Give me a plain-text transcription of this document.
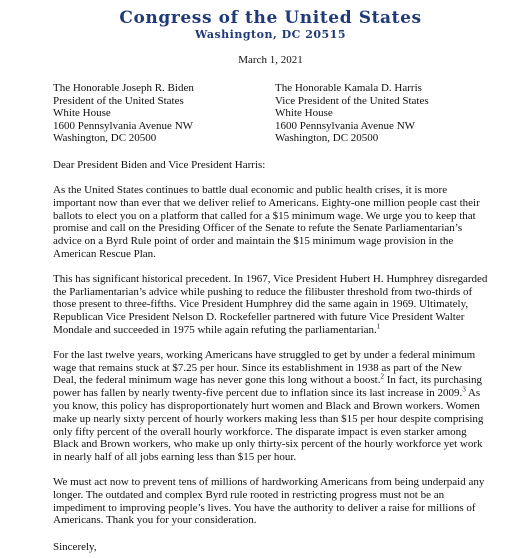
Congress of the United States
Washington, DC 20515
March 1, 2021
The Honorable Joseph R. Biden
President of the United States
White House
1600 Pennsylvania Avenue NW
Washington, DC 20500
The Honorable Kamala D. Harris
Vice President of the United States
White House
1600 Pennsylvania Avenue NW
Washington, DC 20500
Dear President Biden and Vice President Harris:

As the United States continues to battle dual economic and public health crises, it is more important now than ever that we deliver relief to Americans. Eighty-one million people cast their ballots to elect you on a platform that called for a $15 minimum wage. We urge you to keep that promise and call on the Presiding Officer of the Senate to refute the Senate Parliamentarian’s advice on a Byrd Rule point of order and maintain the $15 minimum wage provision in the American Rescue Plan.

This has significant historical precedent. In 1967, Vice President Hubert H. Humphrey disregarded the Parliamentarian’s advice while pushing to reduce the filibuster threshold from two-thirds of those present to three-fifths. Vice President Humphrey did the same again in 1969. Ultimately, Republican Vice President Nelson D. Rockefeller partnered with future Vice President Walter Mondale and succeeded in 1975 while again refuting the parliamentarian.$^1$

For the last twelve years, working Americans have struggled to get by under a federal minimum wage that remains stuck at $7.25 per hour. Since its establishment in 1938 as part of the New Deal, the federal minimum wage has never gone this long without a boost.$^2$ In fact, its purchasing power has fallen by nearly twenty-five percent due to inflation since its last increase in 2009.$^3$ As you know, this policy has disproportionately hurt women and Black and Brown workers. Women make up nearly sixty percent of hourly workers making less than $15 per hour despite comprising only fifty percent of the overall hourly workforce. The disparate impact is even starker among Black and Brown workers, who make up only thirty-six percent of the hourly workforce yet work in nearly half of all jobs earning less than $15 per hour.

We must act now to prevent tens of millions of hardworking Americans from being underpaid any longer. The outdated and complex Byrd rule rooted in restricting progress must not be an impediment to improving people’s lives. You have the authority to deliver a raise for millions of Americans. Thank you for your consideration.

Sincerely,
